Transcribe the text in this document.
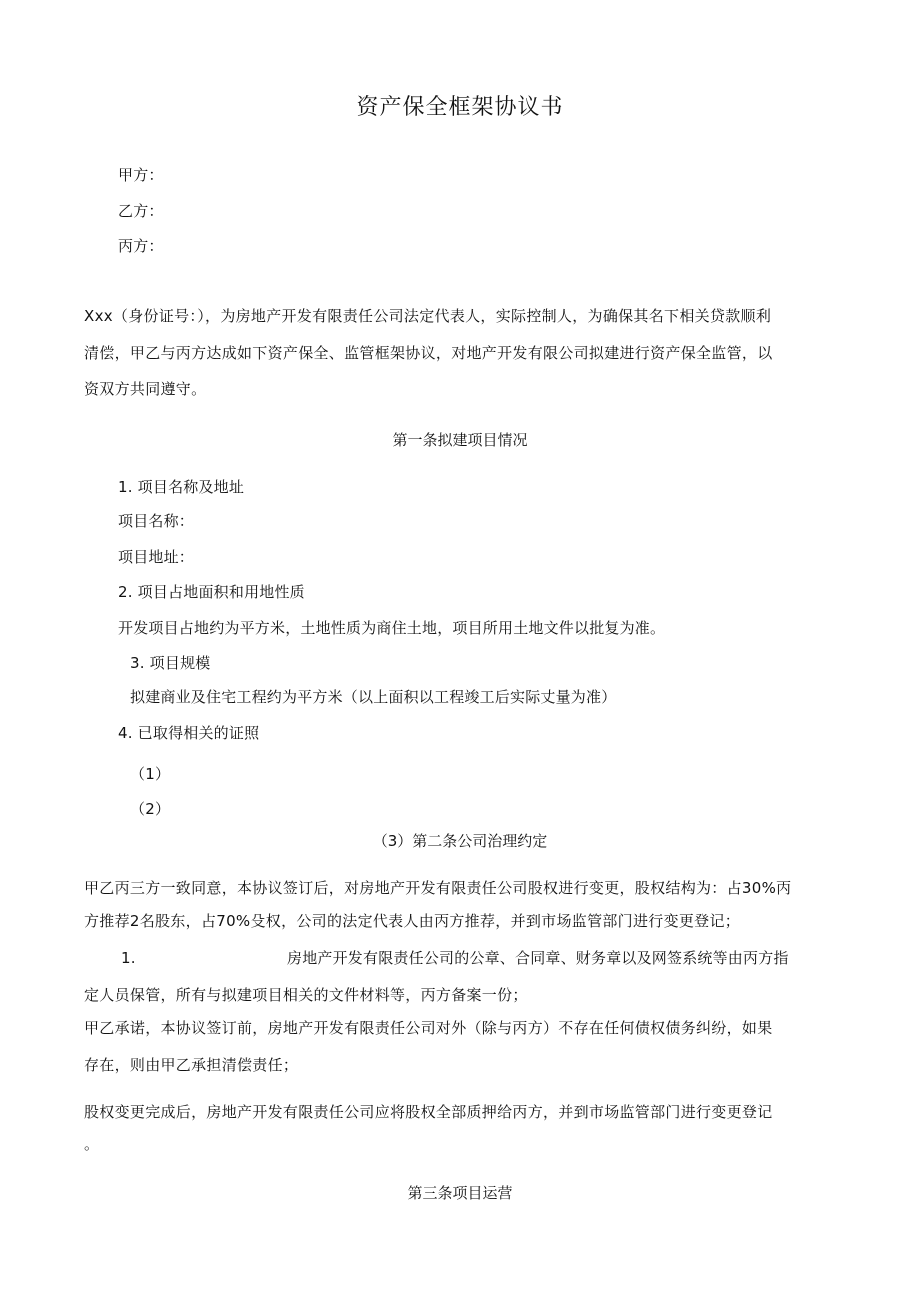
资产保全框架协议书
甲方：
乙方：
丙方：
Xxx（身份证号：），为房地产开发有限责任公司法定代表人，实际控制人，为确保其名下相关贷款顺利
清偿，甲乙与丙方达成如下资产保全、监管框架协议，对地产开发有限公司拟建进行资产保全监管，以
资双方共同遵守。
第一条拟建项目情况
1. 项目名称及地址
项目名称：
项目地址：
2. 项目占地面积和用地性质
开发项目占地约为平方米，土地性质为商住土地，项目所用土地文件以批复为准。
3. 项目规模
拟建商业及住宅工程约为平方米（以上面积以工程竣工后实际丈量为准）
4. 已取得相关的证照
（1）
（2）
（3）第二条公司治理约定
甲乙丙三方一致同意，本协议签订后，对房地产开发有限责任公司股权进行变更，股权结构为：占30%丙
方推荐2名股东，占70%殳权，公司的法定代表人由丙方推荐，并到市场监管部门进行变更登记；
1.	房地产开发有限责任公司的公章、合同章、财务章以及网签系统等由丙方指
定人员保管，所有与拟建项目相关的文件材料等，丙方备案一份；
甲乙承诺，本协议签订前，房地产开发有限责任公司对外（除与丙方）不存在任何债权债务纠纷，如果
存在，则由甲乙承担清偿责任；
股权变更完成后，房地产开发有限责任公司应将股权全部质押给丙方，并到市场监管部门进行变更登记
。
第三条项目运营
